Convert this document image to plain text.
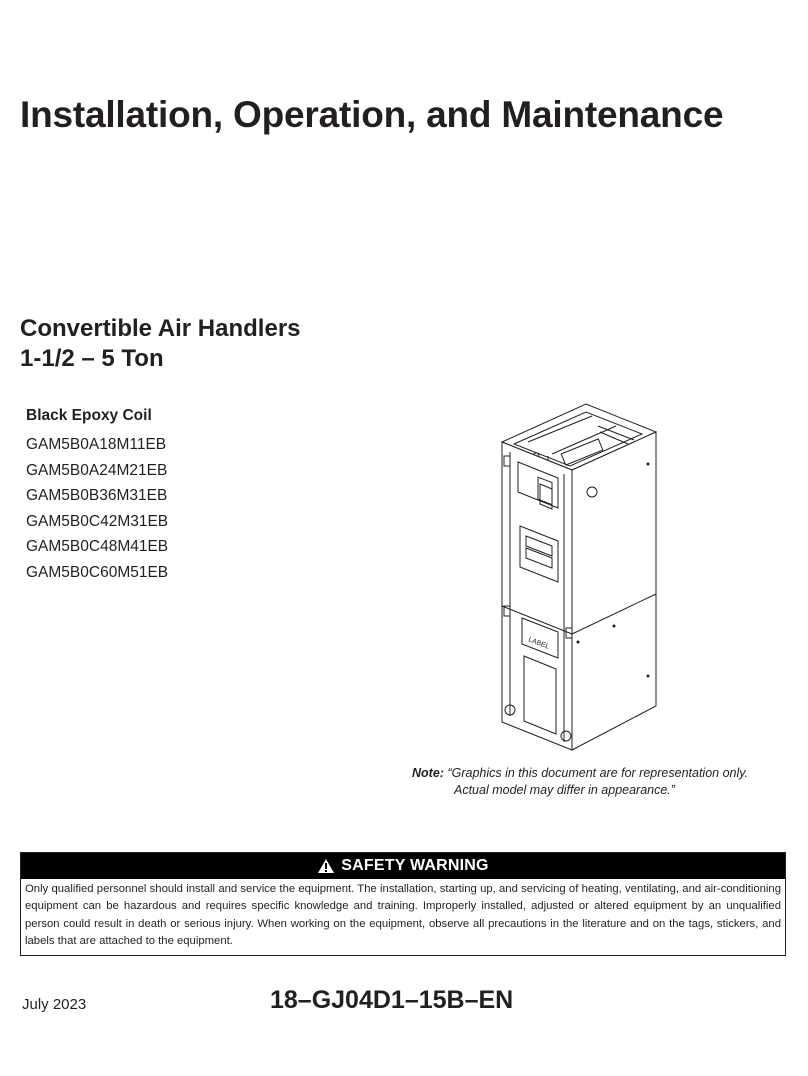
Installation, Operation, and Maintenance
Convertible Air Handlers
1-1/2 – 5 Ton
Black Epoxy Coil
GAM5B0A18M11EB
GAM5B0A24M21EB
GAM5B0B36M31EB
GAM5B0C42M31EB
GAM5B0C48M41EB
GAM5B0C60M51EB
LABEL
Note: “Graphics in this document are for representation only.
Actual model may differ in appearance.”
SAFETY WARNING
Only qualified personnel should install and service the equipment. The installation, starting up, and servicing of heating, ventilating, and air-conditioning equipment can be hazardous and requires specific knowledge and training. Improperly installed, adjusted or altered equipment by an unqualified person could result in death or serious injury. When working on the equipment, observe all precautions in the literature and on the tags, stickers, and labels that are attached to the equipment.
July 2023	18–GJ04D1–15B–EN
